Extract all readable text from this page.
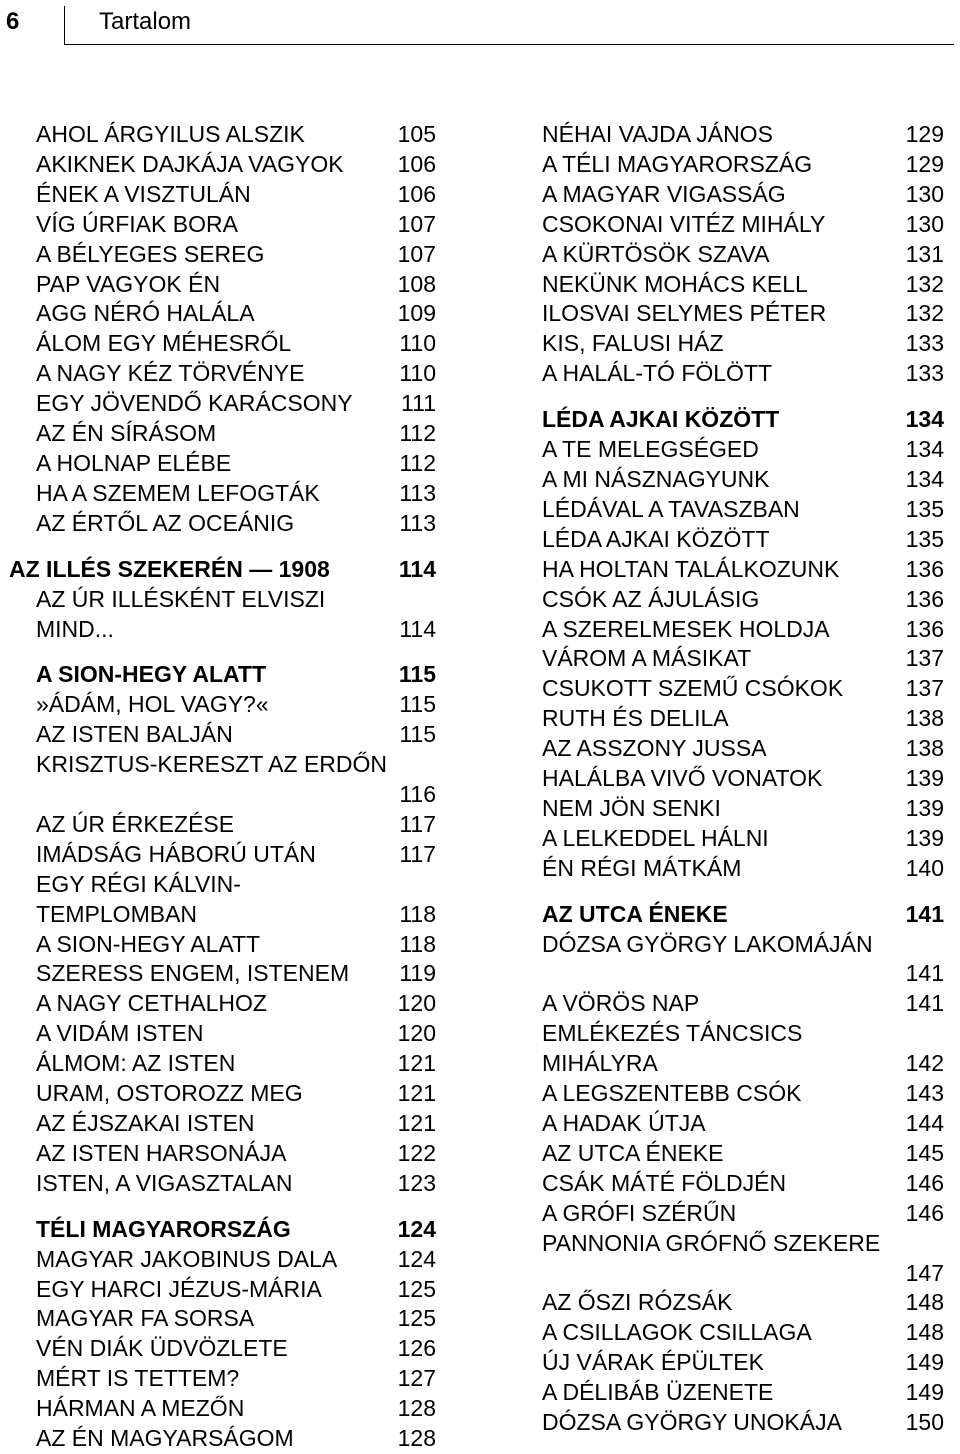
6	Tartalom
AHOL ÁRGYILUS ALSZIK	105
AKIKNEK DAJKÁJA VAGYOK 106
ÉNEK A VISZTULÁN	106
VÍG ÚRFIAK BORA	107
A BÉLYEGES SEREG	107
PAP VAGYOK ÉN	108
AGG NÉRÓ HALÁLA	109
ÁLOM EGY MÉHESRŐL	110
A NAGY KÉZ TÖRVÉNYE	110
EGY JÖVENDŐ KARÁCSONY 111
AZ ÉN SÍRÁSOM	112
A HOLNAP ELÉBE	112
HA A SZEMEM LEFOGTÁK	113
AZ ÉRTŐL AZ OCEÁNIG	113
AZ ILLÉS SZEKERÉN — 1908	114
AZ ÚR ILLÉSKÉNT ELVISZI
MIND...	114
A SION-HEGY ALATT	115
»ÁDÁM, HOL VAGY?«	115
AZ ISTEN BALJÁN	115
KRISZTUS-KERESZT AZ ERDŐN
116
AZ ÚR ÉRKEZÉSE	117
IMÁDSÁG HÁBORÚ UTÁN	117
EGY RÉGI KÁLVIN-
TEMPLOMBAN	118
A SION-HEGY ALATT	118
SZERESS ENGEM, ISTENEM 119
A NAGY CETHALHOZ	120
A VIDÁM ISTEN	120
ÁLMOM: AZ ISTEN	121
URAM, OSTOROZZ MEG	121
AZ ÉJSZAKAI ISTEN	121
AZ ISTEN HARSONÁJA	122
ISTEN, A VIGASZTALAN	123
TÉLI MAGYARORSZÁG	124
MAGYAR JAKOBINUS DALA	124
EGY HARCI JÉZUS-MÁRIA	125
MAGYAR FA SORSA	125
VÉN DIÁK ÜDVÖZLETE	126
MÉRT IS TETTEM?	127
HÁRMAN A MEZŐN	128
AZ ÉN MAGYARSÁGOM	128
NÉHAI VAJDA JÁNOS	129
A TÉLI MAGYARORSZÁG	129
A MAGYAR VIGASSÁG	130
CSOKONAI VITÉZ MIHÁLY	130
A KÜRTÖSÖK SZAVA	131
NEKÜNK MOHÁCS KELL	132
ILOSVAI SELYMES PÉTER	132
KIS, FALUSI HÁZ	133
A HALÁL-TÓ FÖLÖTT	133
LÉDA AJKAI KÖZÖTT	134
A TE MELEGSÉGED	134
A MI NÁSZNAGYUNK	134
LÉDÁVAL A TAVASZBAN	135
LÉDA AJKAI KÖZÖTT	135
HA HOLTAN TALÁLKOZUNK	136
CSÓK AZ ÁJULÁSIG	136
A SZERELMESEK HOLDJA	136
VÁROM A MÁSIKAT	137
CSUKOTT SZEMŰ CSÓKOK	137
RUTH ÉS DELILA	138
AZ ASSZONY JUSSA	138
HALÁLBA VIVŐ VONATOK	139
NEM JÖN SENKI	139
A LELKEDDEL HÁLNI	139
ÉN RÉGI MÁTKÁM	140
AZ UTCA ÉNEKE	141
DÓZSA GYÖRGY LAKOMÁJÁN
141
A VÖRÖS NAP	141
EMLÉKEZÉS TÁNCSICS
MIHÁLYRA	142
A LEGSZENTEBB CSÓK	143
A HADAK ÚTJA	144
AZ UTCA ÉNEKE	145
CSÁK MÁTÉ FÖLDJÉN	146
A GRÓFI SZÉRŰN	146
PANNONIA GRÓFNŐ SZEKERE
147
AZ ŐSZI RÓZSÁK	148
A CSILLAGOK CSILLAGA	148
ÚJ VÁRAK ÉPÜLTEK	149
A DÉLIBÁB ÜZENETE	149
DÓZSA GYÖRGY UNOKÁJA	150
